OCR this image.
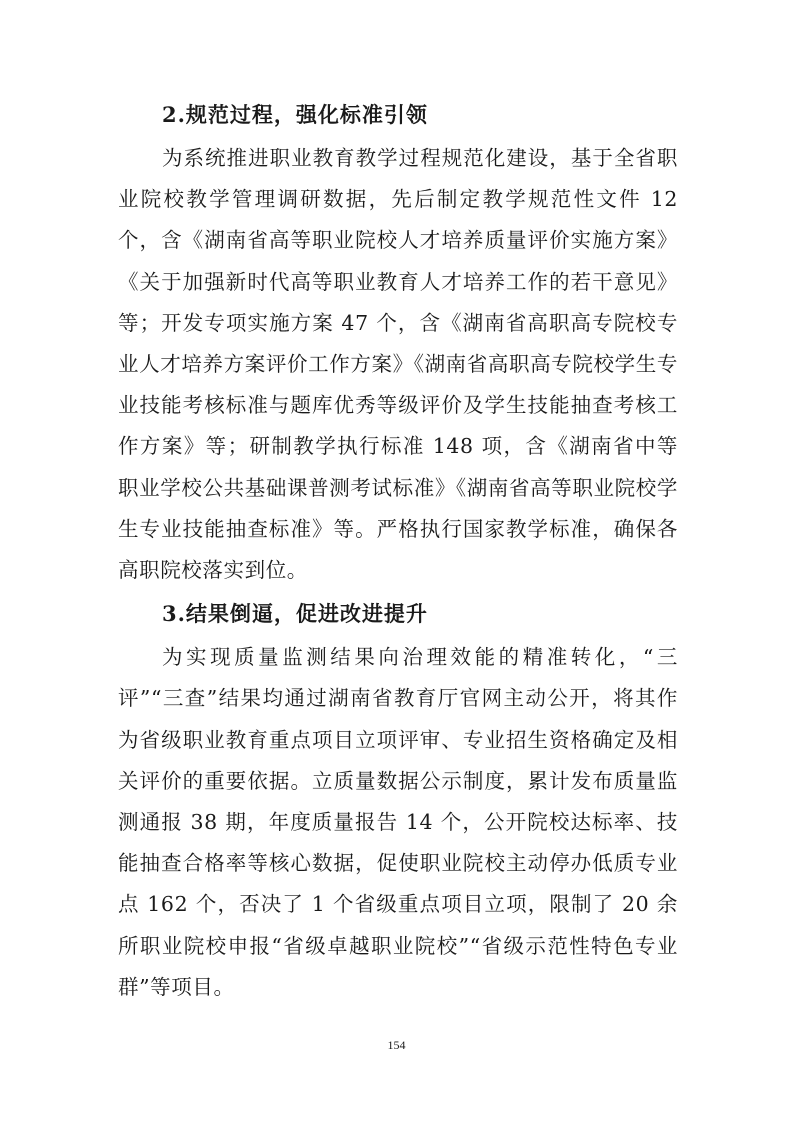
2.规范过程，强化标准引领

为系统推进职业教育教学过程规范化建设，基于全省职业院校教学管理调研数据，先后制定教学规范性文件 12 个，含《湖南省高等职业院校人才培养质量评价实施方案》《关于加强新时代高等职业教育人才培养工作的若干意见》等；开发专项实施方案 47 个，含《湖南省高职高专院校专业人才培养方案评价工作方案》《湖南省高职高专院校学生专业技能考核标准与题库优秀等级评价及学生技能抽查考核工作方案》等；研制教学执行标准 148 项，含《湖南省中等职业学校公共基础课普测考试标准》《湖南省高等职业院校学生专业技能抽查标准》等。严格执行国家教学标准，确保各高职院校落实到位。

3.结果倒逼，促进改进提升

为实现质量监测结果向治理效能的精准转化，“三评”“三查”结果均通过湖南省教育厅官网主动公开，将其作为省级职业教育重点项目立项评审、专业招生资格确定及相关评价的重要依据。立质量数据公示制度，累计发布质量监测通报 38 期，年度质量报告 14 个，公开院校达标率、技能抽查合格率等核心数据，促使职业院校主动停办低质专业点 162 个，否决了 1 个省级重点项目立项，限制了 20 余所职业院校申报“省级卓越职业院校”“省级示范性特色专业群”等项目。

154
